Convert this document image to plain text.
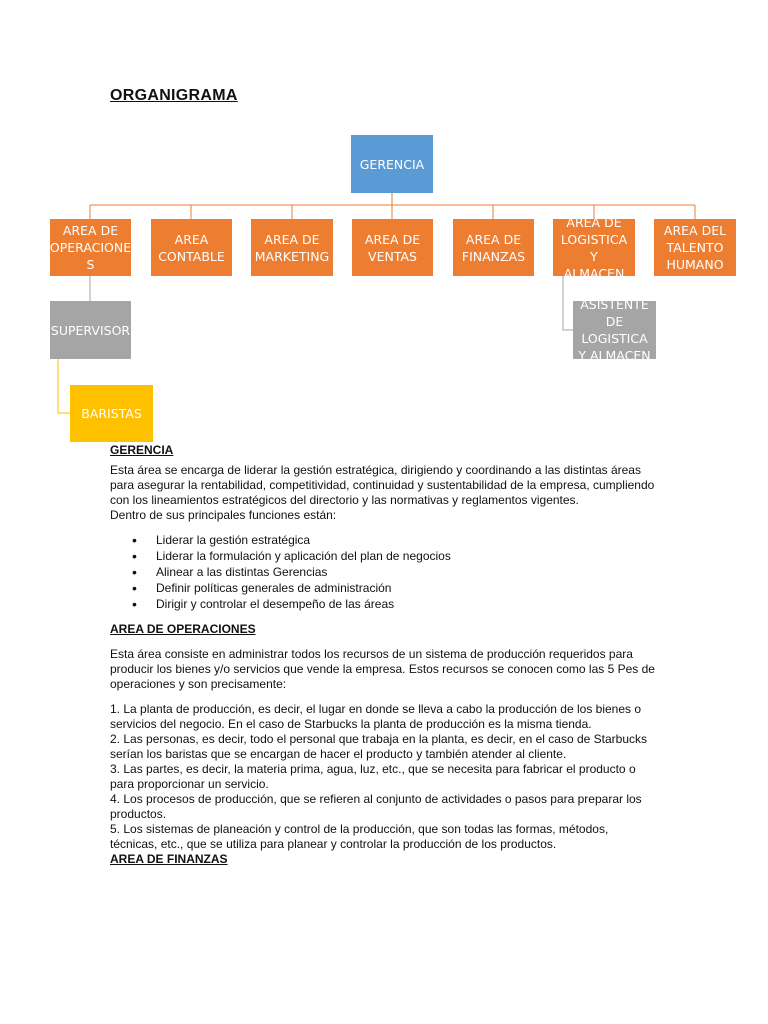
ORGANIGRAMA
GERENCIA
AREA DE
OPERACIONE
S
AREA
CONTABLE
AREA DE
MARKETING
AREA DE
VENTAS
AREA DE
FINANZAS
AREA DE
LOGISTICA Y
ALMACEN
AREA DEL
TALENTO
HUMANO
SUPERVISOR
ASISTENTE
DE LOGISTICA
Y ALMACEN
BARISTAS
GERENCIA

Esta área se encarga de liderar la gestión estratégica, dirigiendo y coordinando a las distintas áreas para asegurar la rentabilidad, competitividad, continuidad y sustentabilidad de la empresa, cumpliendo con los lineamientos estratégicos del directorio y las normativas y reglamentos vigentes.

Dentro de sus principales funciones están:

• Liderar la gestión estratégica
• Liderar la formulación y aplicación del plan de negocios
• Alinear a las distintas Gerencias
• Definir políticas generales de administración
• Dirigir y controlar el desempeño de las áreas
AREA DE OPERACIONES

Esta área consiste en administrar todos los recursos de un sistema de producción requeridos para producir los bienes y/o servicios que vende la empresa. Estos recursos se conocen como las 5 Pes de operaciones y son precisamente:

1. La planta de producción, es decir, el lugar en donde se lleva a cabo la producción de los bienes o servicios del negocio. En el caso de Starbucks la planta de producción es la misma tienda.

2. Las personas, es decir, todo el personal que trabaja en la planta, es decir, en el caso de Starbucks serían los baristas que se encargan de hacer el producto y también atender al cliente.

3. Las partes, es decir, la materia prima, agua, luz, etc., que se necesita para fabricar el producto o para proporcionar un servicio.

4. Los procesos de producción, que se refieren al conjunto de actividades o pasos para preparar los productos.

5. Los sistemas de planeación y control de la producción, que son todas las formas, métodos, técnicas, etc., que se utiliza para planear y controlar la producción de los productos.

AREA DE FINANZAS
